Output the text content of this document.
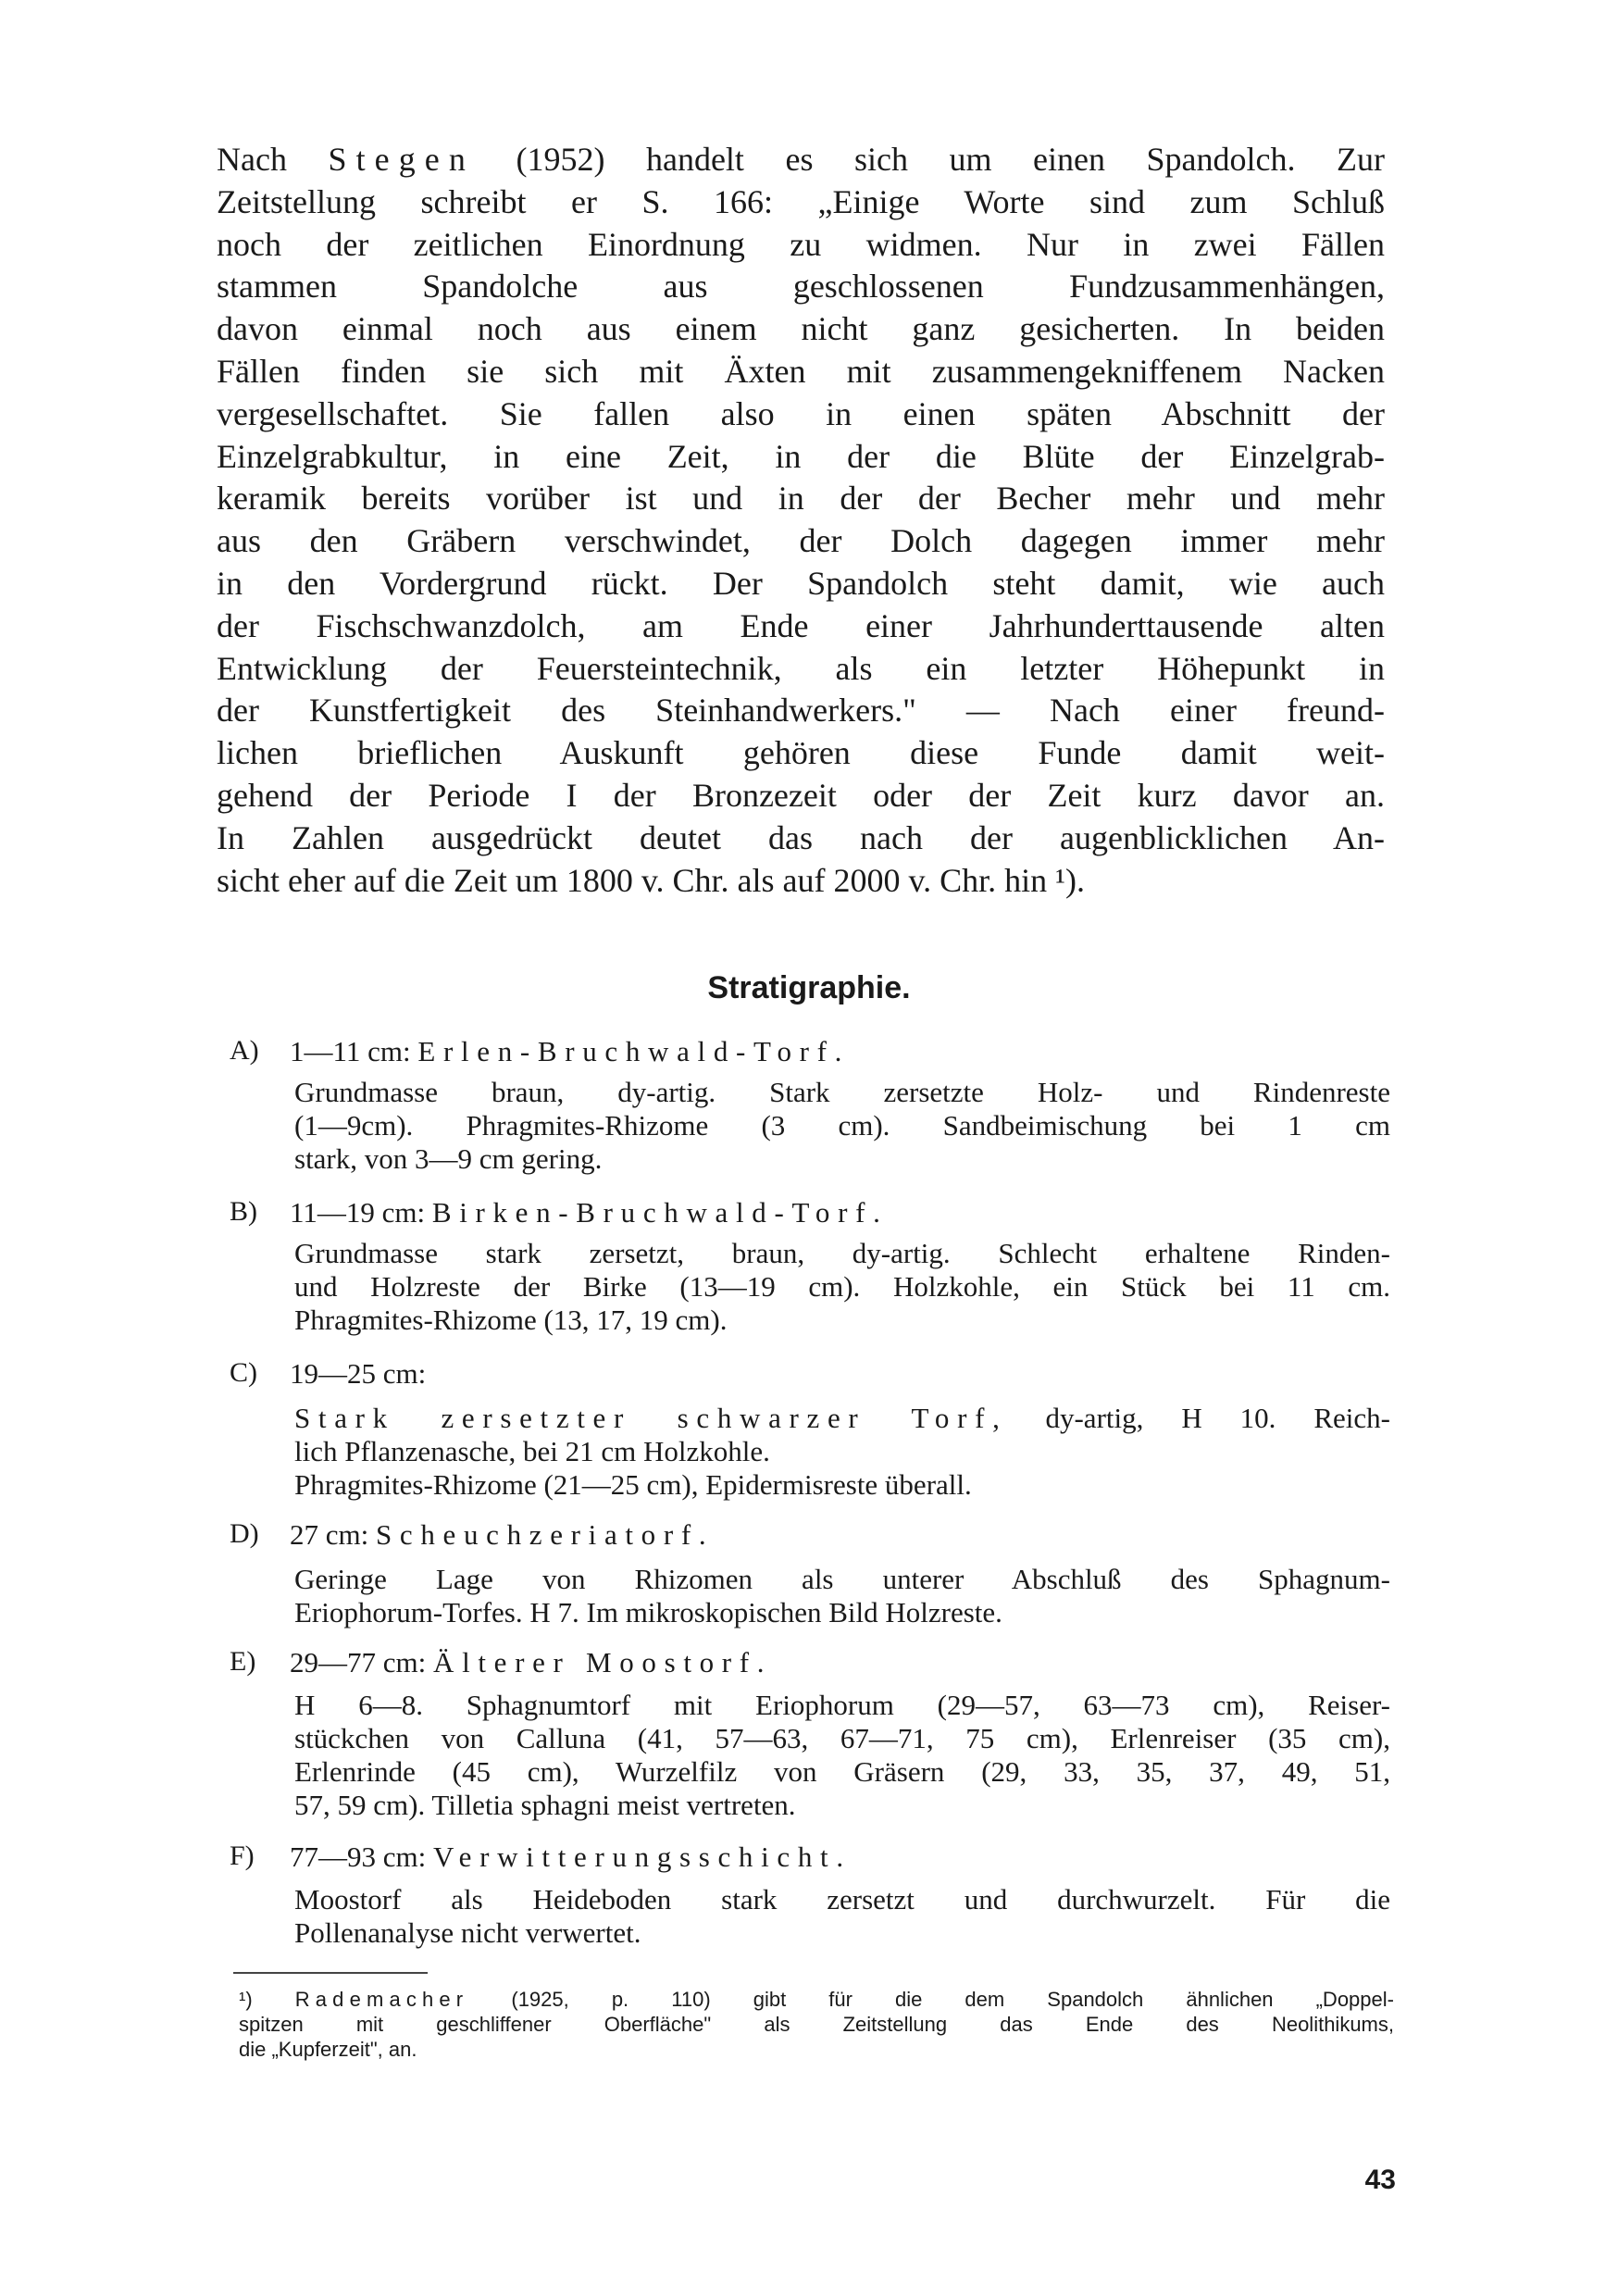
Nach Stegen (1952) handelt es sich um einen Spandolch. Zur
Zeitstellung schreibt er S. 166: „Einige Worte sind zum Schluß
noch der zeitlichen Einordnung zu widmen. Nur in zwei Fällen
stammen Spandolche aus geschlossenen Fundzusammenhängen,
davon einmal noch aus einem nicht ganz gesicherten. In beiden
Fällen finden sie sich mit Äxten mit zusammengekniffenem Nacken
vergesellschaftet. Sie fallen also in einen späten Abschnitt der
Einzelgrabkultur, in eine Zeit, in der die Blüte der Einzelgrab-
keramik bereits vorüber ist und in der der Becher mehr und mehr
aus den Gräbern verschwindet, der Dolch dagegen immer mehr
in den Vordergrund rückt. Der Spandolch steht damit, wie auch
der Fischschwanzdolch, am Ende einer Jahrhunderttausende alten
Entwicklung der Feuersteintechnik, als ein letzter Höhepunkt in
der Kunstfertigkeit des Steinhandwerkers." — Nach einer freund-
lichen brieflichen Auskunft gehören diese Funde damit weit-
gehend der Periode I der Bronzezeit oder der Zeit kurz davor an.
In Zahlen ausgedrückt deutet das nach der augenblicklichen An-
sicht eher auf die Zeit um 1800 v. Chr. als auf 2000 v. Chr. hin ¹).
Stratigraphie.
A) 1—11 cm: Erlen-Bruchwald-Torf.
Grundmasse braun, dy-artig. Stark zersetzte Holz- und Rindenreste
(1—9cm). Phragmites-Rhizome (3 cm). Sandbeimischung bei 1 cm
stark, von 3—9 cm gering.
B) 11—19 cm: Birken-Bruchwald-Torf.
Grundmasse stark zersetzt, braun, dy-artig. Schlecht erhaltene Rinden-
und Holzreste der Birke (13—19 cm). Holzkohle, ein Stück bei 11 cm.
Phragmites-Rhizome (13, 17, 19 cm).
C) 19—25 cm:
Stark zersetzter schwarzer Torf, dy-artig, H 10. Reich-
lich Pflanzenasche, bei 21 cm Holzkohle.
Phragmites-Rhizome (21—25 cm), Epidermisreste überall.
D) 27 cm: Scheuchzeriatorf.
Geringe Lage von Rhizomen als unterer Abschluß des Sphagnum-
Eriophorum-Torfes. H 7. Im mikroskopischen Bild Holzreste.
E) 29—77 cm: Älterer Moostorf.
H 6—8. Sphagnumtorf mit Eriophorum (29—57, 63—73 cm), Reiser-
stückchen von Calluna (41, 57—63, 67—71, 75 cm), Erlenreiser (35 cm),
Erlenrinde (45 cm), Wurzelfilz von Gräsern (29, 33, 35, 37, 49, 51,
57, 59 cm). Tilletia sphagni meist vertreten.
F) 77—93 cm: Verwitterungsschicht.
Moostorf als Heideboden stark zersetzt und durchwurzelt. Für die
Pollenanalyse nicht verwertet.
¹) Rademacher (1925, p. 110) gibt für die dem Spandolch ähnlichen „Doppel-
spitzen mit geschliffener Oberfläche" als Zeitstellung das Ende des Neolithikums,
die „Kupferzeit", an.
43
